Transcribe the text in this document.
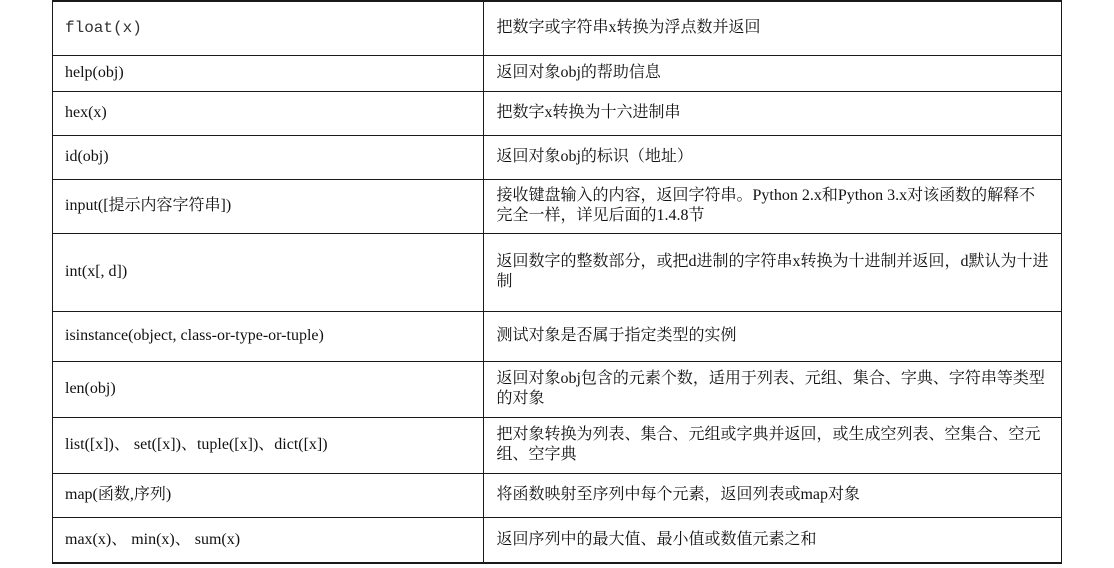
float(x)	把数字或字符串x转换为浮点数并返回
help(obj)	返回对象obj的帮助信息
hex(x)	把数字x转换为十六进制串
id(obj)	返回对象obj的标识（地址）
input([提示内容字符串])	接收键盘输入的内容，返回字符串。Python 2.x和Python 3.x对该函数的解释不完全一样，详见后面的1.4.8节
int(x[, d])	返回数字的整数部分，或把d进制的字符串x转换为十进制并返回，d默认为十进制
isinstance(object, class-or-type-or-tuple)	测试对象是否属于指定类型的实例
len(obj)	返回对象obj包含的元素个数，适用于列表、元组、集合、字典、字符串等类型的对象
list([x])、 set([x])、tuple([x])、dict([x])	把对象转换为列表、集合、元组或字典并返回，或生成空列表、空集合、空元组、空字典
map(函数,序列)	将函数映射至序列中每个元素，返回列表或map对象
max(x)、 min(x)、 sum(x)	返回序列中的最大值、最小值或数值元素之和
